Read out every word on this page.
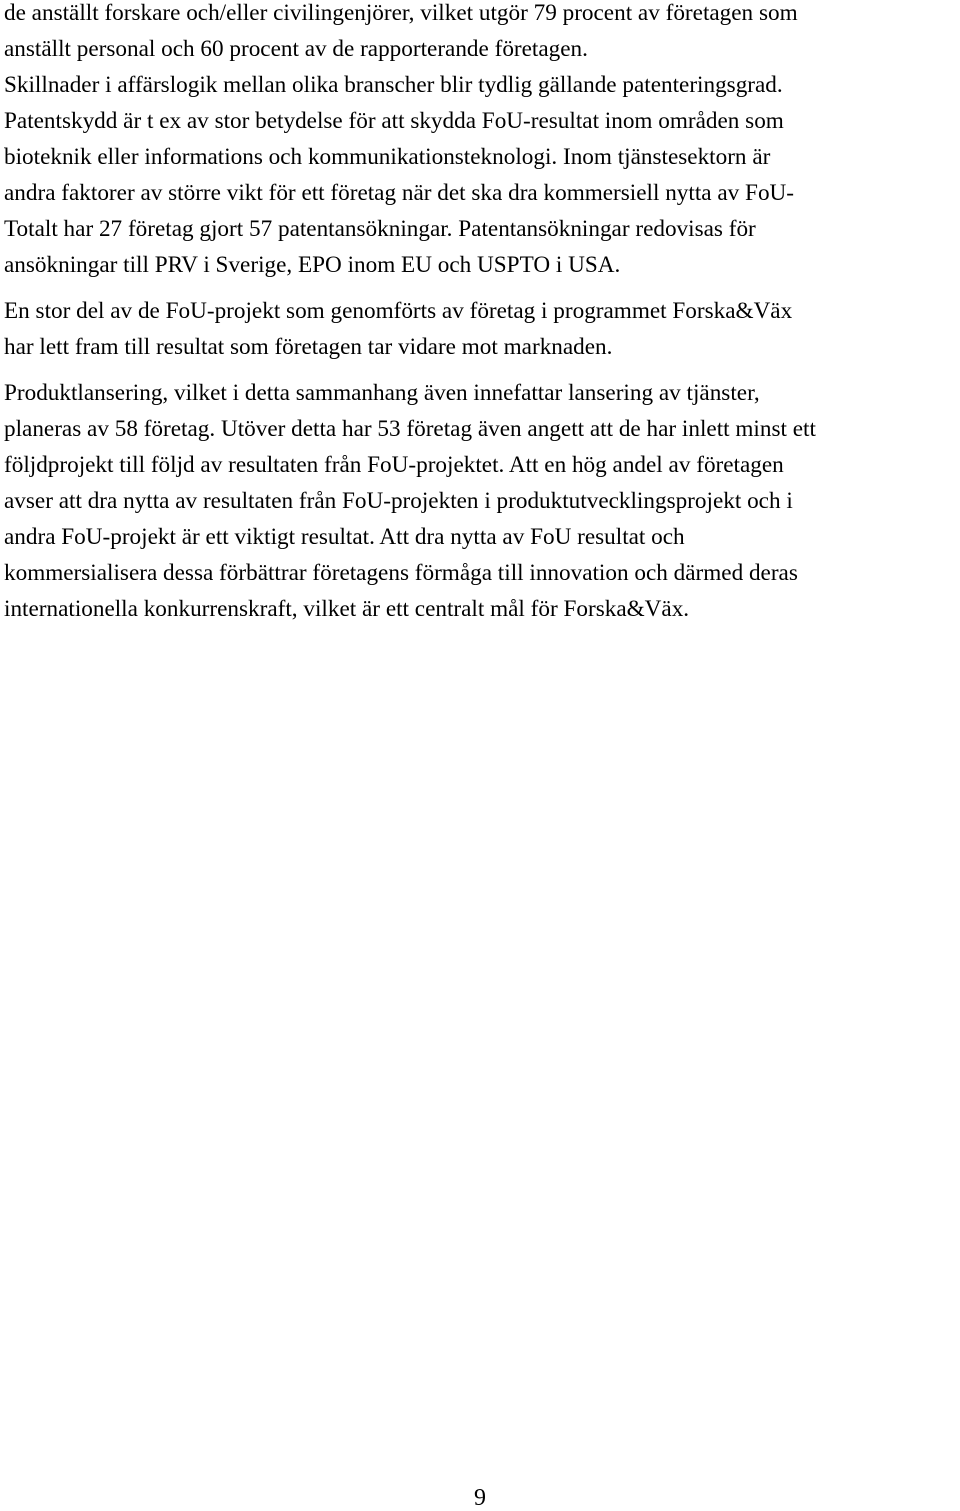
de anställt forskare och/eller civilingenjörer, vilket utgör 79 procent av företagen som
anställt personal och 60 procent av de rapporterande företagen.
Skillnader i affärslogik mellan olika branscher blir tydlig gällande patenteringsgrad.
Patentskydd är t ex av stor betydelse för att skydda FoU-resultat inom områden som
bioteknik eller informations och kommunikationsteknologi. Inom tjänstesektorn är
andra faktorer av större vikt för ett företag när det ska dra kommersiell nytta av FoU-
Totalt har 27 företag gjort 57 patentansökningar. Patentansökningar redovisas för
ansökningar till PRV i Sverige, EPO inom EU och USPTO i USA.
En stor del av de FoU-projekt som genomförts av företag i programmet Forska&Väx
har lett fram till resultat som företagen tar vidare mot marknaden.
Produktlansering, vilket i detta sammanhang även innefattar lansering av tjänster,
planeras av 58 företag. Utöver detta har 53 företag även angett att de har inlett minst ett
följdprojekt till följd av resultaten från FoU-projektet. Att en hög andel av företagen
avser att dra nytta av resultaten från FoU-projekten i produktutvecklingsprojekt och i
andra FoU-projekt är ett viktigt resultat. Att dra nytta av FoU resultat och
kommersialisera dessa förbättrar företagens förmåga till innovation och därmed deras
internationella konkurrenskraft, vilket är ett centralt mål för Forska&Väx.
9
